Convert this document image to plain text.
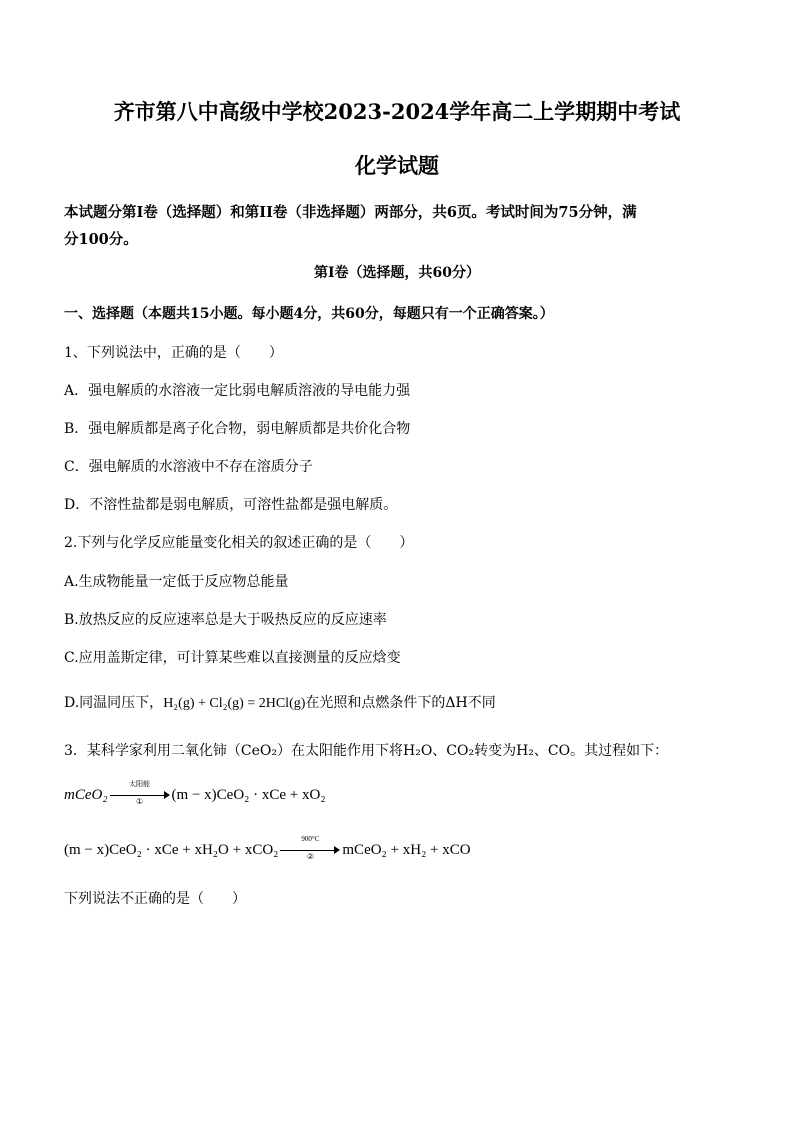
齐市第八中高级中学校2023-2024学年高二上学期期中考试
化学试题
本试题分第I卷（选择题）和第II卷（非选择题）两部分，共6页。考试时间为75分钟，满
分100分。
第I卷（选择题，共60分）
一、选择题（本题共15小题。每小题4分，共60分，每题只有一个正确答案。）
1、下列说法中，正确的是（　　）
A．强电解质的水溶液一定比弱电解质溶液的导电能力强
B．强电解质都是离子化合物，弱电解质都是共价化合物
C．强电解质的水溶液中不存在溶质分子
D．不溶性盐都是弱电解质，可溶性盐都是强电解质。
2.下列与化学反应能量变化相关的叙述正确的是（　　）
A.生成物能量一定低于反应物总能量
B.放热反应的反应速率总是大于吸热反应的反应速率
C.应用盖斯定律，可计算某些难以直接测量的反应焓变
D.同温同压下，H₂(g) + Cl₂(g) = 2HCl(g)在光照和点燃条件下的ΔH不同
3．某科学家利用二氧化铈（CeO₂）在太阳能作用下将H₂O、CO₂转变为H₂、CO。其过程如下：
mCeO₂
太阳能
①	(m − x)CeO₂ · xCe + xO₂
(m − x)CeO₂ · xCe + xH₂O + xCO₂
900°C
②	mCeO₂ + xH₂ + xCO
下列说法不正确的是（　　）
